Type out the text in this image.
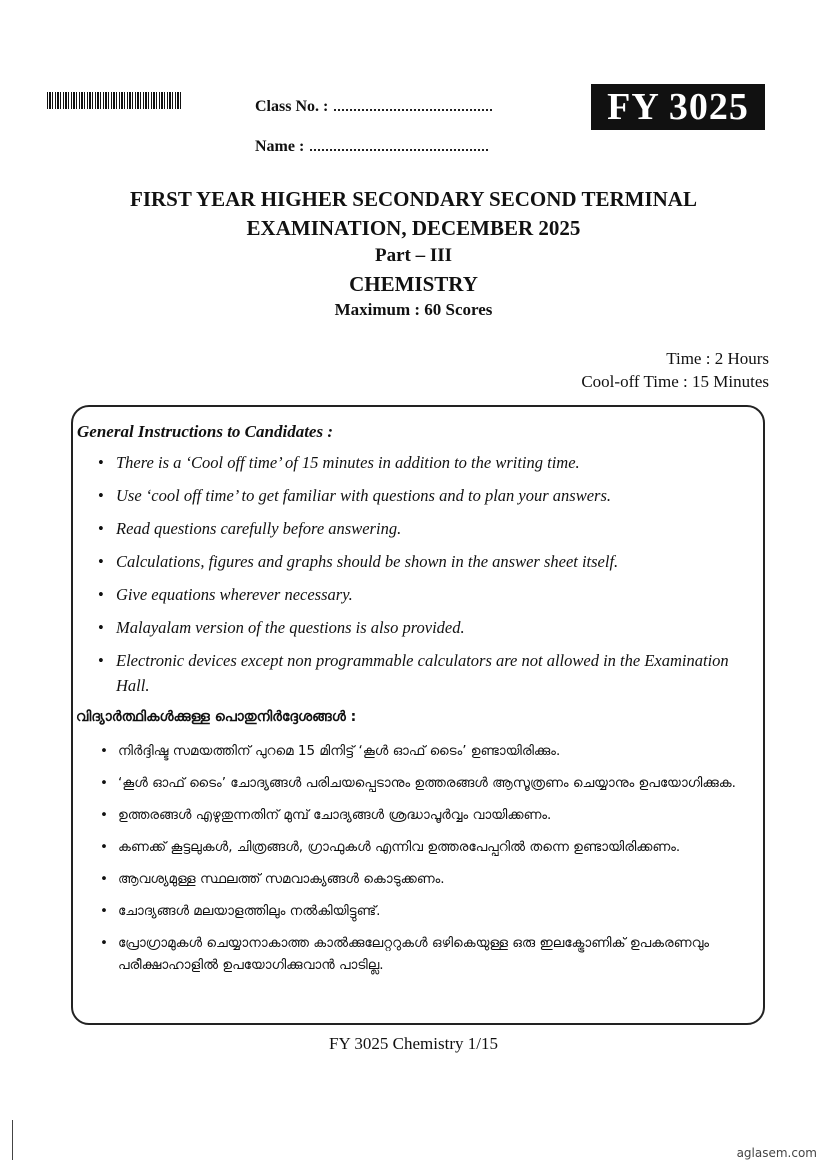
Class No. :
Name :
FY 3025
FIRST YEAR HIGHER SECONDARY SECOND TERMINAL
EXAMINATION, DECEMBER 2025
Part – III
CHEMISTRY
Maximum : 60 Scores
Time : 2 Hours
Cool-off Time : 15 Minutes
General Instructions to Candidates :
• There is a ‘Cool off time’ of 15 minutes in addition to the writing time.
• Use ‘cool off time’ to get familiar with questions and to plan your answers.
• Read questions carefully before answering.
• Calculations, figures and graphs should be shown in the answer sheet itself.
• Give equations wherever necessary.
• Malayalam version of the questions is also provided.
• Electronic devices except non programmable calculators are not allowed in the Examination Hall.
വിദ്യാർത്ഥികൾക്കുള്ള പൊതുനിർദ്ദേശങ്ങൾ :
• നിർദ്ദിഷ്ട സമയത്തിന് പുറമെ 15 മിനിട്ട് ‘കൂൾ ഓഫ് ടൈം’ ഉണ്ടായിരിക്കും.
• ‘കൂൾ ഓഫ് ടൈം’ ചോദ്യങ്ങൾ പരിചയപ്പെടാനും ഉത്തരങ്ങൾ ആസൂത്രണം ചെയ്യാനും ഉപയോഗിക്കുക.
• ഉത്തരങ്ങൾ എഴുതുന്നതിന് മുമ്പ് ചോദ്യങ്ങൾ ശ്രദ്ധാപൂർവ്വം വായിക്കണം.
• കണക്ക് കൂട്ടലുകൾ, ചിത്രങ്ങൾ, ഗ്രാഫുകൾ എന്നിവ ഉത്തരപേപ്പറിൽ തന്നെ ഉണ്ടായിരിക്കണം.
• ആവശ്യമുള്ള സ്ഥലത്ത് സമവാക്യങ്ങൾ കൊടുക്കണം.
• ചോദ്യങ്ങൾ മലയാളത്തിലും നൽകിയിട്ടുണ്ട്.
• പ്രോഗ്രാമുകൾ ചെയ്യാനാകാത്ത കാൽക്കുലേറ്ററുകൾ ഒഴികെയുള്ള ഒരു ഇലക്ട്രോണിക് ഉപകരണവും പരീക്ഷാഹാളിൽ ഉപയോഗിക്കുവാൻ പാടില്ല.
FY 3025 Chemistry 1/15
aglasem.com
